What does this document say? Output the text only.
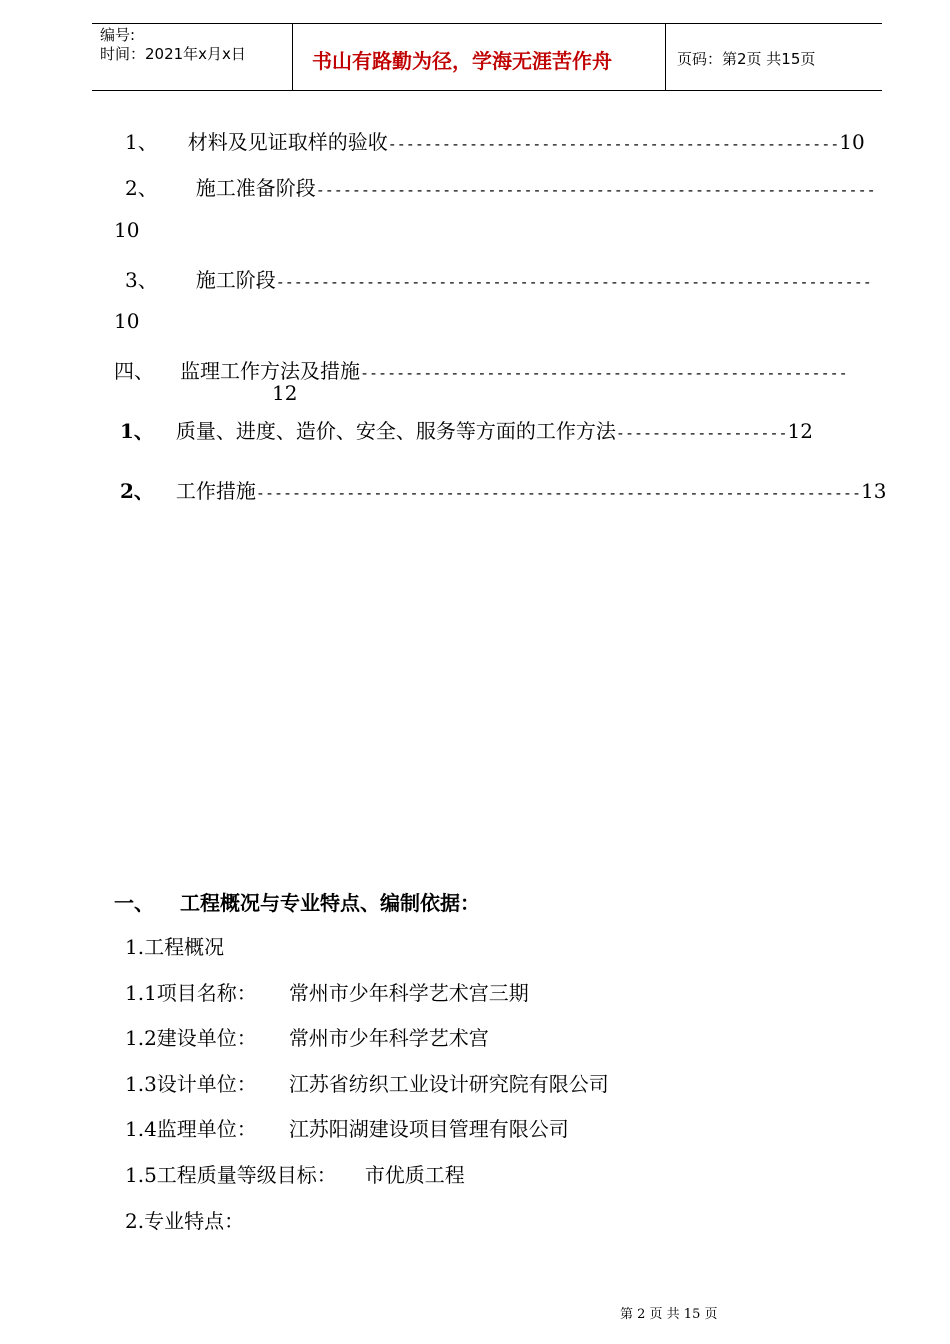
编号:
时间：2021年x月x日	书山有路勤为径，学海无涯苦作舟	页码：第2页 共15页
1、 材料及见证取样的验收--------------------------------------------------10
2、 施工准备阶段--------------------------------------------------------------
10
3、 施工阶段------------------------------------------------------------------
10
四、 监理工作方法及措施------------------------------------------------------
12
1、 质量、进度、造价、安全、服务等方面的工作方法-------------------12
2、 工作措施-------------------------------------------------------------------13
一、 工程概况与专业特点、编制依据：
1.工程概况
1.1项目名称： 常州市少年科学艺术宫三期
1.2建设单位： 常州市少年科学艺术宫
1.3设计单位： 江苏省纺织工业设计研究院有限公司
1.4监理单位： 江苏阳湖建设项目管理有限公司
1.5工程质量等级目标： 市优质工程
2.专业特点：
第 2 页 共 15 页
